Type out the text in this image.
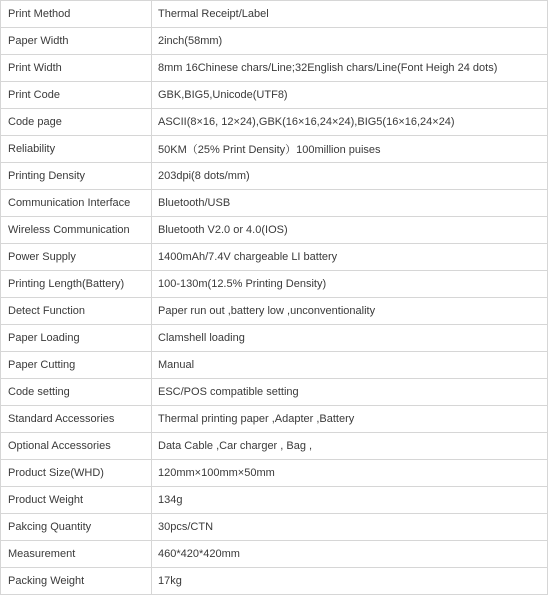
Print Method	Thermal Receipt/Label
Paper Width	2inch(58mm)
Print Width	8mm 16Chinese chars/Line;32English chars/Line(Font Heigh 24 dots)
Print Code	GBK,BIG5,Unicode(UTF8)
Code page	ASCII(8×16, 12×24),GBK(16×16,24×24),BIG5(16×16,24×24)
Reliability	50KM（25% Print Density）100million puises
Printing Density	203dpi(8 dots/mm)
Communication Interface	Bluetooth/USB
Wireless Communication	Bluetooth V2.0 or 4.0(IOS)
Power Supply	1400mAh/7.4V chargeable LI battery
Printing Length(Battery)	100-130m(12.5% Printing Density)
Detect Function	Paper run out ,battery low ,unconventionality
Paper Loading	Clamshell loading
Paper Cutting	Manual
Code setting	ESC/POS compatible setting
Standard Accessories	Thermal printing paper ,Adapter ,Battery
Optional Accessories	Data Cable ,Car charger , Bag ,
Product Size(WHD)	120mm×100mm×50mm
Product Weight	134g
Pakcing Quantity	30pcs/CTN
Measurement	460*420*420mm
Packing Weight	17kg
